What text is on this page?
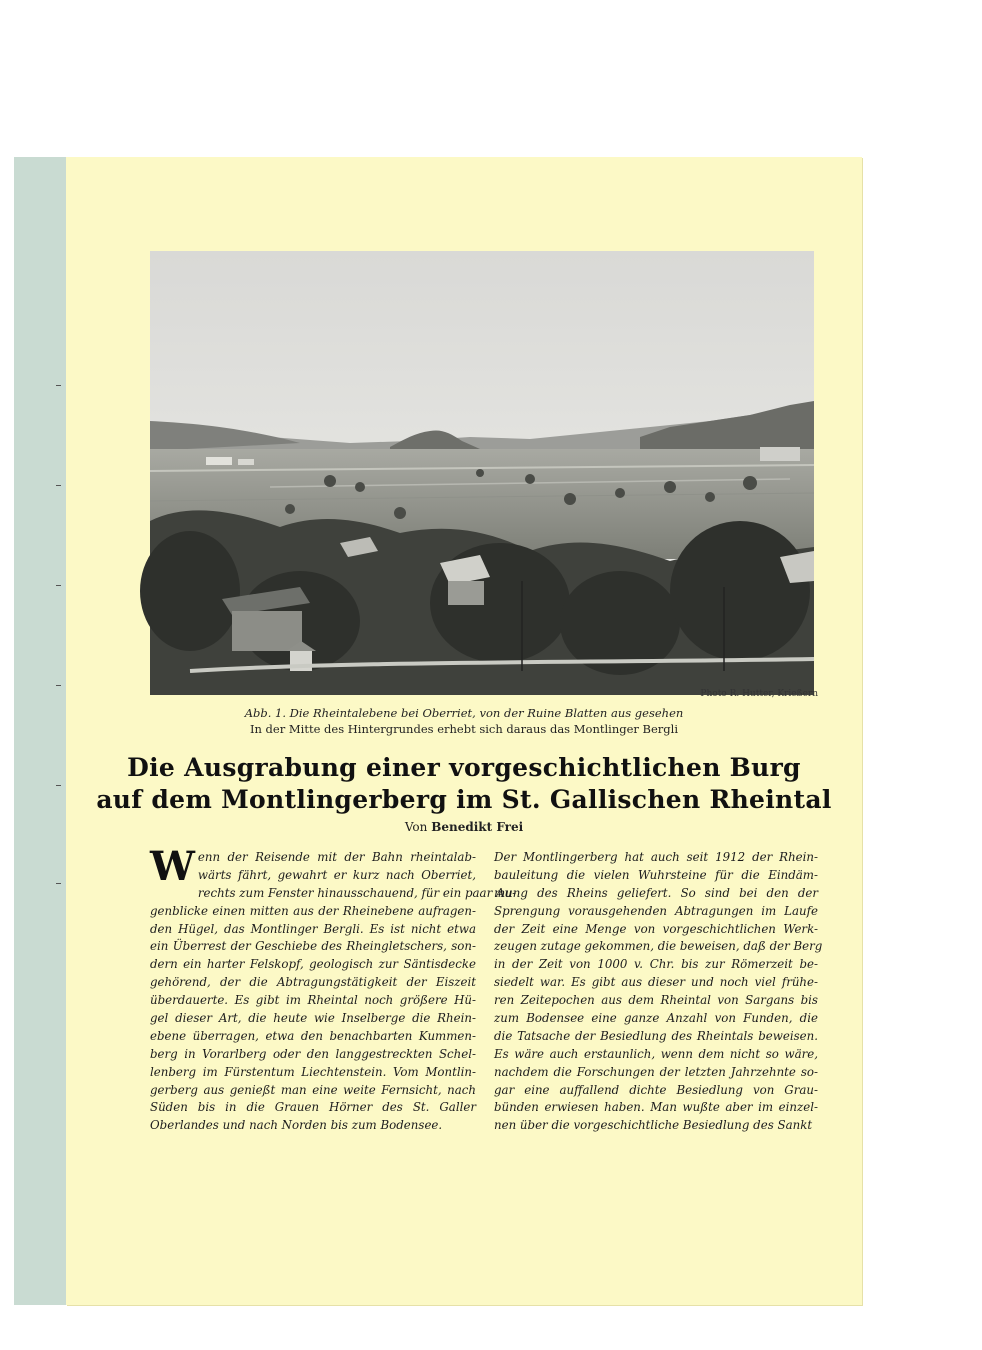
Photo R. Hutter, Krießern
Abb. 1. Die Rheintalebene bei Oberriet, von der Ruine Blatten aus gesehen
In der Mitte des Hintergrundes erhebt sich daraus das Montlinger Bergli
Die Ausgrabung einer vorgeschichtlichen Burg
auf dem Montlingerberg im St. Gallischen Rheintal
Von Benedikt Frei
W enn der Reisende mit der Bahn rheintalab-
wärts fährt, gewahrt er kurz nach Oberriet,
rechts zum Fenster hinausschauend, für ein paar Au-
genblicke einen mitten aus der Rheinebene aufragen-
den Hügel, das Montlinger Bergli. Es ist nicht etwa
ein Überrest der Geschiebe des Rheingletschers, son-
dern ein harter Felskopf, geologisch zur Säntisdecke
gehörend, der die Abtragungstätigkeit der Eiszeit
überdauerte. Es gibt im Rheintal noch größere Hü-
gel dieser Art, die heute wie Inselberge die Rhein-
ebene überragen, etwa den benachbarten Kummen-
berg in Vorarlberg oder den langgestreckten Schel-
lenberg im Fürstentum Liechtenstein. Vom Montlin-
gerberg aus genießt man eine weite Fernsicht, nach
Süden bis in die Grauen Hörner des St. Galler
Oberlandes und nach Norden bis zum Bodensee.
Der Montlingerberg hat auch seit 1912 der Rhein-
bauleitung die vielen Wuhrsteine für die Eindäm-
mung des Rheins geliefert. So sind bei den der
Sprengung vorausgehenden Abtragungen im Laufe
der Zeit eine Menge von vorgeschichtlichen Werk-
zeugen zutage gekommen, die beweisen, daß der Berg
in der Zeit von 1000 v. Chr. bis zur Römerzeit be-
siedelt war. Es gibt aus dieser und noch viel frühe-
ren Zeitepochen aus dem Rheintal von Sargans bis
zum Bodensee eine ganze Anzahl von Funden, die
die Tatsache der Besiedlung des Rheintals beweisen.
Es wäre auch erstaunlich, wenn dem nicht so wäre,
nachdem die Forschungen der letzten Jahrzehnte so-
gar eine auffallend dichte Besiedlung von Grau-
bünden erwiesen haben. Man wußte aber im einzel-
nen über die vorgeschichtliche Besiedlung des Sankt
